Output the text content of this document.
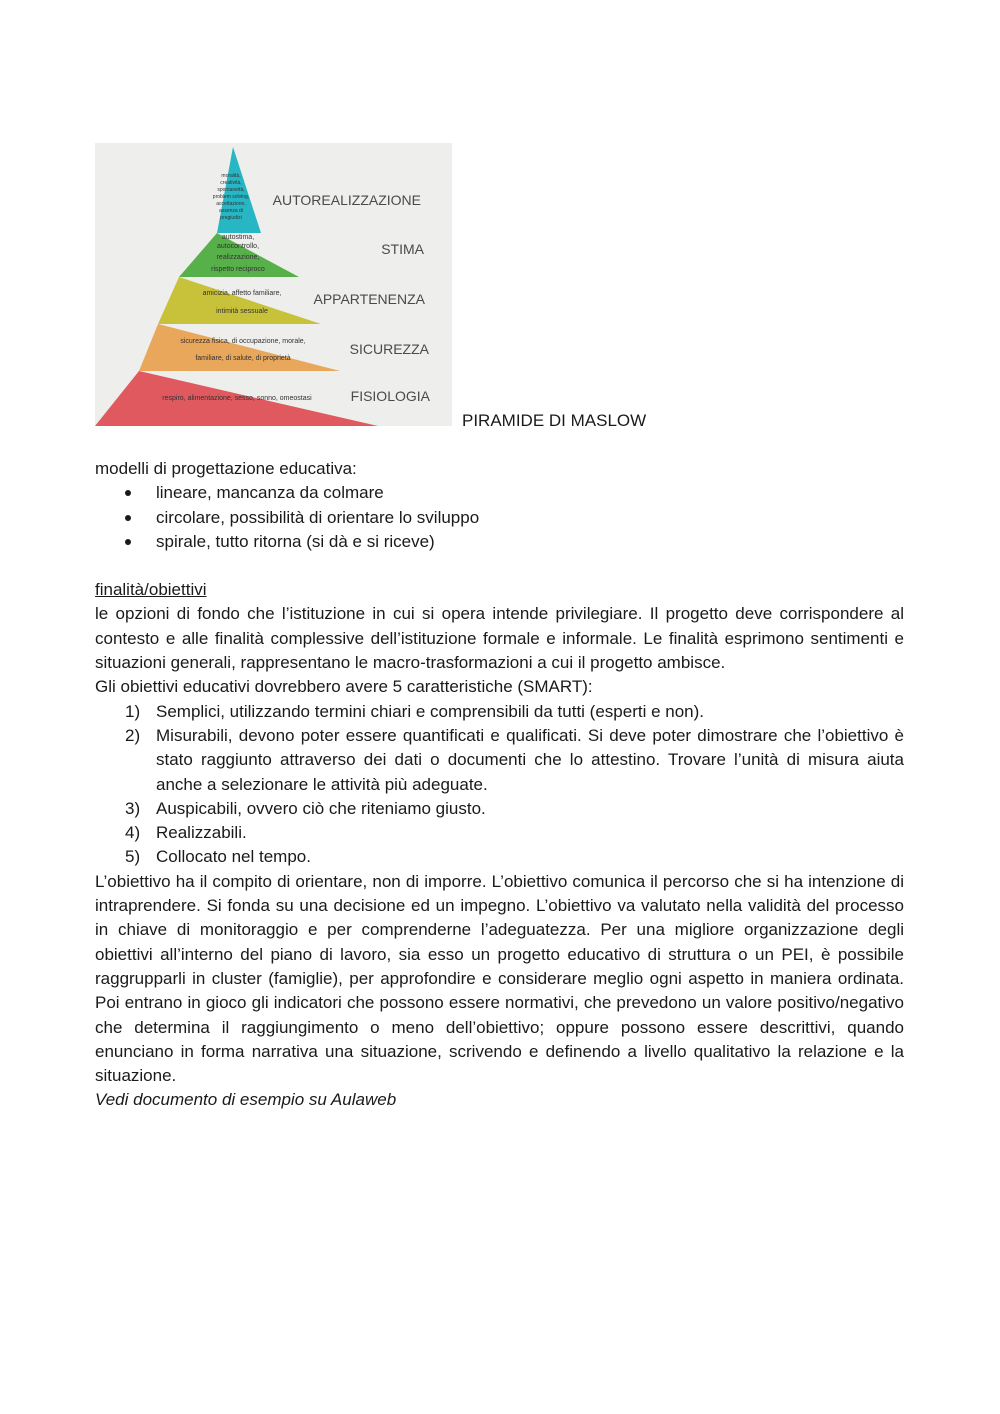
moralità,
creatività,
spontaneità,
problem solving,
accettazione,
assenza di
pregiudizi
autostima,
autocontrollo,
realizzazione,
rispetto reciproco
amicizia, affetto familiare,
intimità sessuale
sicurezza fisica, di occupazione, morale,
familiare, di salute, di proprietà
respiro, alimentazione, sesso, sonno, omeostasi
AUTOREALIZZAZIONE
STIMA
APPARTENENZA
SICUREZZA
FISIOLOGIA
PIRAMIDE DI MASLOW

modelli di progettazione educativa:

lineare, mancanza da colmare
circolare, possibilità di orientare lo sviluppo
spirale, tutto ritorna (si dà e si riceve)

finalità/obiettivi

le opzioni di fondo che l’istituzione in cui si opera intende privilegiare. Il progetto deve corrispondere al contesto e alle finalità complessive dell’istituzione formale e informale. Le finalità esprimono sentimenti e situazioni generali, rappresentano le macro-trasformazioni a cui il progetto ambisce.

Gli obiettivi educativi dovrebbero avere 5 caratteristiche (SMART):

1) Semplici, utilizzando termini chiari e comprensibili da tutti (esperti e non).
2) Misurabili, devono poter essere quantificati e qualificati. Si deve poter dimostrare che l’obiettivo è stato raggiunto attraverso dei dati o documenti che lo attestino. Trovare l’unità di misura aiuta anche a selezionare le attività più adeguate.
3) Auspicabili, ovvero ciò che riteniamo giusto.
4) Realizzabili.
5) Collocato nel tempo.

L’obiettivo ha il compito di orientare, non di imporre. L’obiettivo comunica il percorso che si ha intenzione di intraprendere. Si fonda su una decisione ed un impegno. L’obiettivo va valutato nella validità del processo in chiave di monitoraggio e per comprenderne l’adeguatezza. Per una migliore organizzazione degli obiettivi all’interno del piano di lavoro, sia esso un progetto educativo di struttura o un PEI, è possibile raggrupparli in cluster (famiglie), per approfondire e considerare meglio ogni aspetto in maniera ordinata. Poi entrano in gioco gli indicatori che possono essere normativi, che prevedono un valore positivo/negativo che determina il raggiungimento o meno dell’obiettivo; oppure possono essere descrittivi, quando enunciano in forma narrativa una situazione, scrivendo e definendo a livello qualitativo la relazione e la situazione.

Vedi documento di esempio su Aulaweb
